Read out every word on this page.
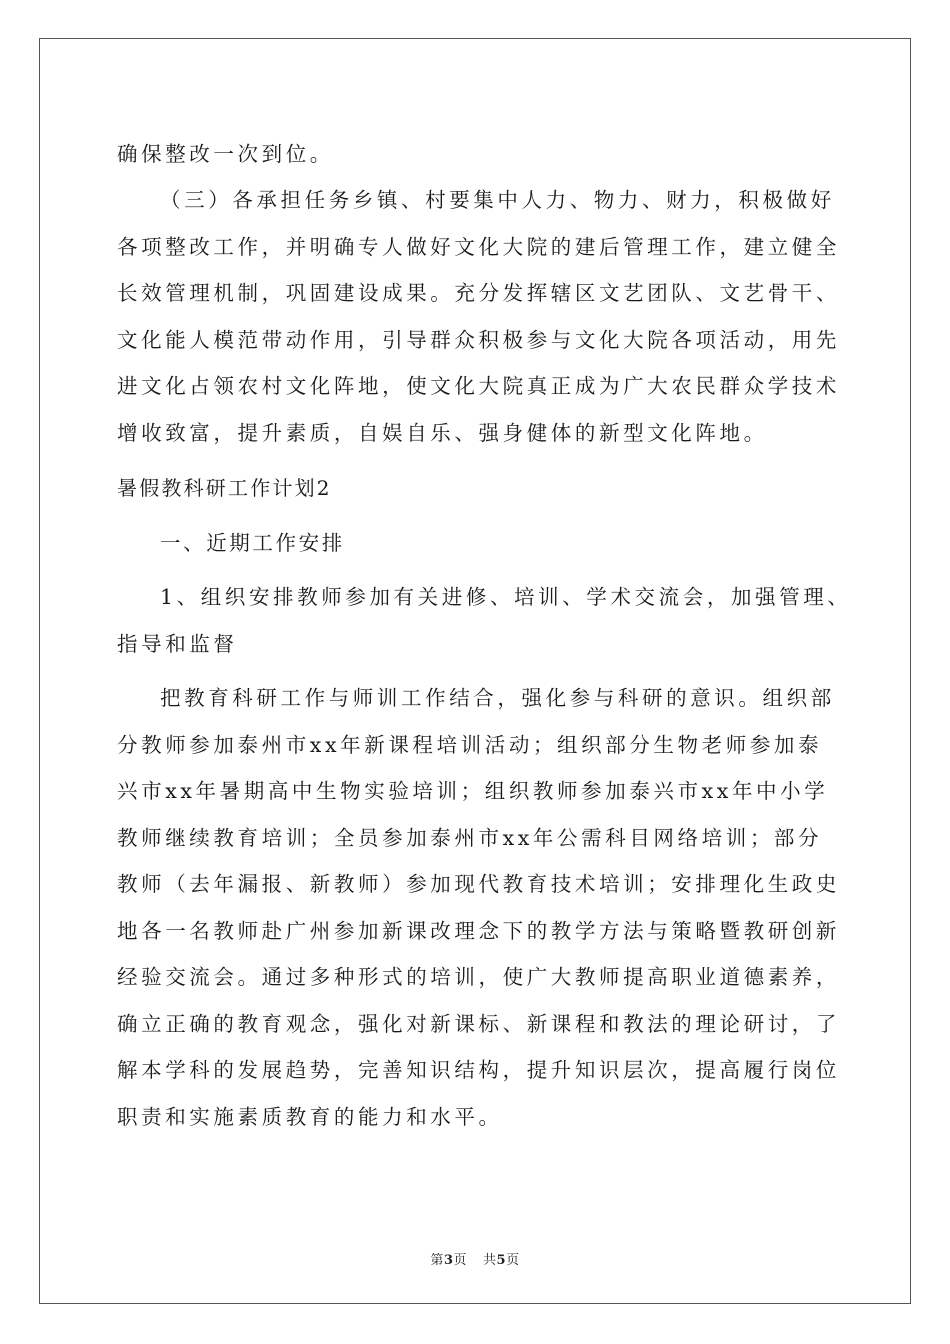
确保整改一次到位。
（三）各承担任务乡镇、村要集中人力、物力、财力，积极做好
各项整改工作，并明确专人做好文化大院的建后管理工作，建立健全
长效管理机制，巩固建设成果。充分发挥辖区文艺团队、文艺骨干、
文化能人模范带动作用，引导群众积极参与文化大院各项活动，用先
进文化占领农村文化阵地，使文化大院真正成为广大农民群众学技术
增收致富，提升素质，自娱自乐、强身健体的新型文化阵地。
暑假教科研工作计划2
一、近期工作安排
1、组织安排教师参加有关进修、培训、学术交流会，加强管理、
指导和监督
把教育科研工作与师训工作结合，强化参与科研的意识。组织部
分教师参加泰州市xx年新课程培训活动；组织部分生物老师参加泰
兴市xx年暑期高中生物实验培训；组织教师参加泰兴市xx年中小学
教师继续教育培训；全员参加泰州市xx年公需科目网络培训；部分
教师（去年漏报、新教师）参加现代教育技术培训；安排理化生政史
地各一名教师赴广州参加新课改理念下的教学方法与策略暨教研创新
经验交流会。通过多种形式的培训，使广大教师提高职业道德素养，
确立正确的教育观念，强化对新课标、新课程和教法的理论研讨，了
解本学科的发展趋势，完善知识结构，提升知识层次，提高履行岗位
职责和实施素质教育的能力和水平。
第3页 共5页
